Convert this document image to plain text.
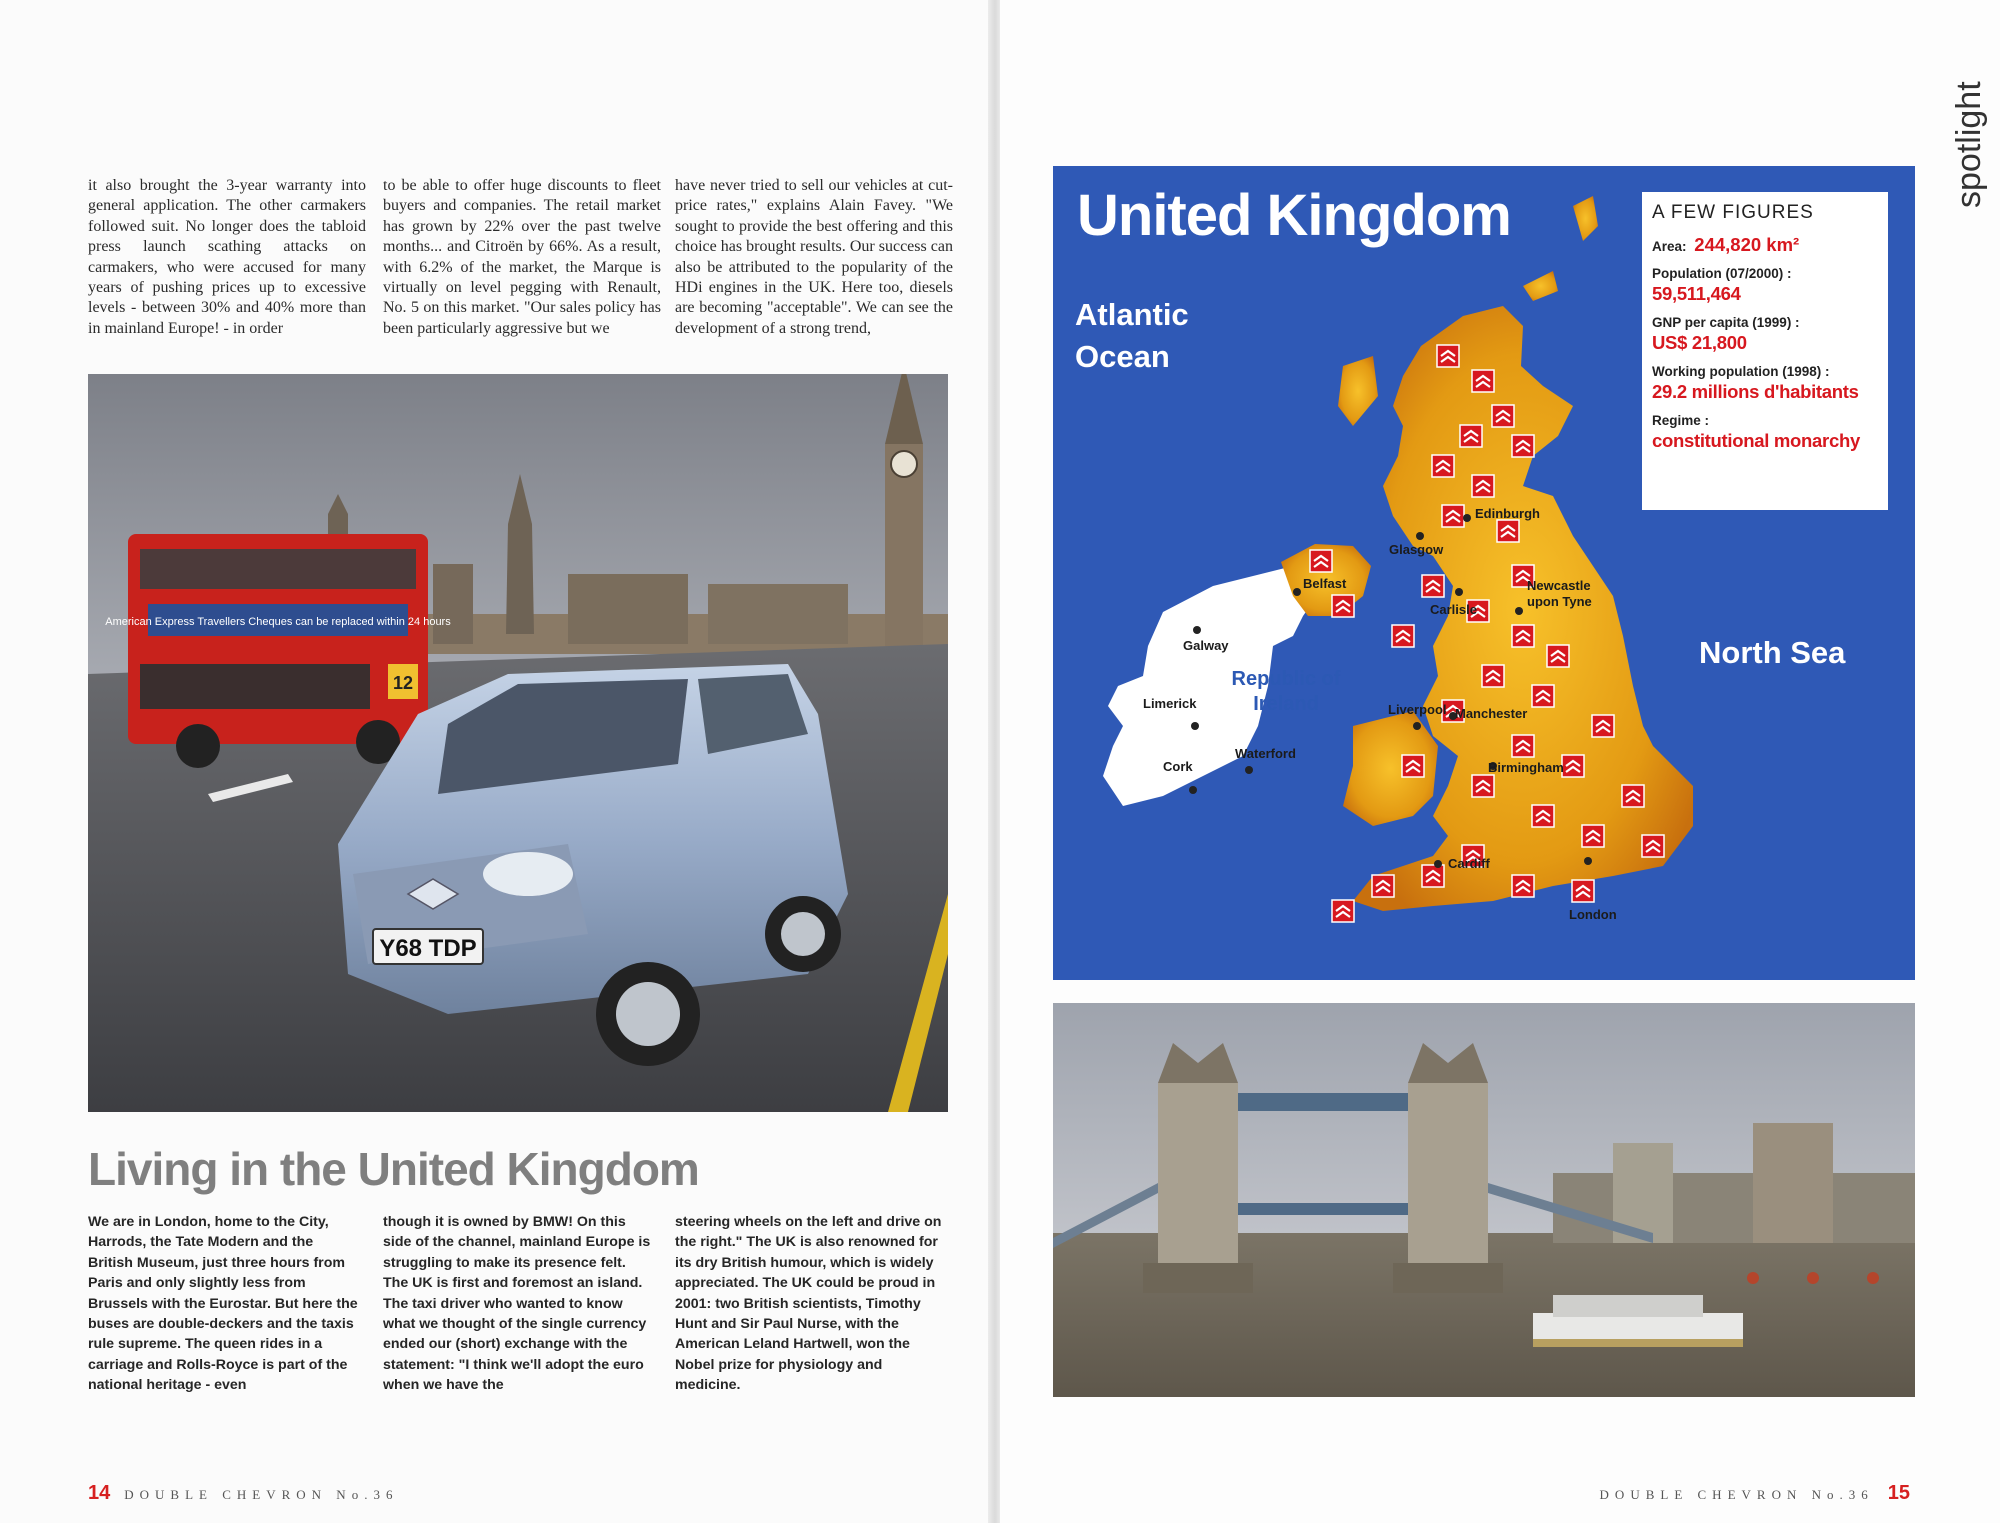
it also brought the 3-year warranty into general application. The other carmakers followed suit. No longer does the tabloid press launch scathing attacks on carmakers, who were accused for many years of pushing prices up to excessive levels - between 30% and 40% more than in mainland Europe! - in order

to be able to offer huge discounts to fleet buyers and companies. The retail market has grown by 22% over the past twelve months... and Citroën by 66%. As a result, with 6.2% of the market, the Marque is virtually on level pegging with Renault, No. 5 on this market. "Our sales policy has been particularly aggressive but we

have never tried to sell our vehicles at cut-price rates," explains Alain Favey. "We sought to provide the best offering and this choice has brought results. Our success can also be attributed to the popularity of the HDi engines in the UK. Here too, diesels are becoming "acceptable". We can see the development of a strong trend,

American Express Travellers Cheques can be replaced within 24 hours
12
Y68 TDP
Living in the United Kingdom
We are in London, home to the City, Harrods, the Tate Modern and the British Museum, just three hours from Paris and only slightly less from Brussels with the Eurostar. But here the buses are double-deckers and the taxis rule supreme. The queen rides in a carriage and Rolls-Royce is part of the national heritage - even
though it is owned by BMW! On this side of the channel, mainland Europe is struggling to make its presence felt. The UK is first and foremost an island. The taxi driver who wanted to know what we thought of the single currency ended our (short) exchange with the statement: "I think we'll adopt the euro when we have the
steering wheels on the left and drive on the right." The UK is also renowned for its dry British humour, which is widely appreciated. The UK could be proud in 2001: two British scientists, Timothy Hunt and Sir Paul Nurse, with the American Leland Hartwell, won the Nobel prize for physiology and medicine.
14 DOUBLE CHEVRON No.36
spotlight
United Kingdom
Atlantic Ocean
North Sea
Republic of Ireland
Edinburgh
Glasgow
Belfast	Newcastle upon Tyne
Carlisle
Galway
Limerick
Cork
Waterford
Liverpool Manchester
Birmingham
Cardiff
London
A FEW FIGURES
Area: 244,820 km²
Population (07/2000) :
59,511,464
GNP per capita (1999) :
US$ 21,800
Working population (1998) :
29.2 millions d'habitants
Regime :
constitutional monarchy
DOUBLE CHEVRON No.36 15
